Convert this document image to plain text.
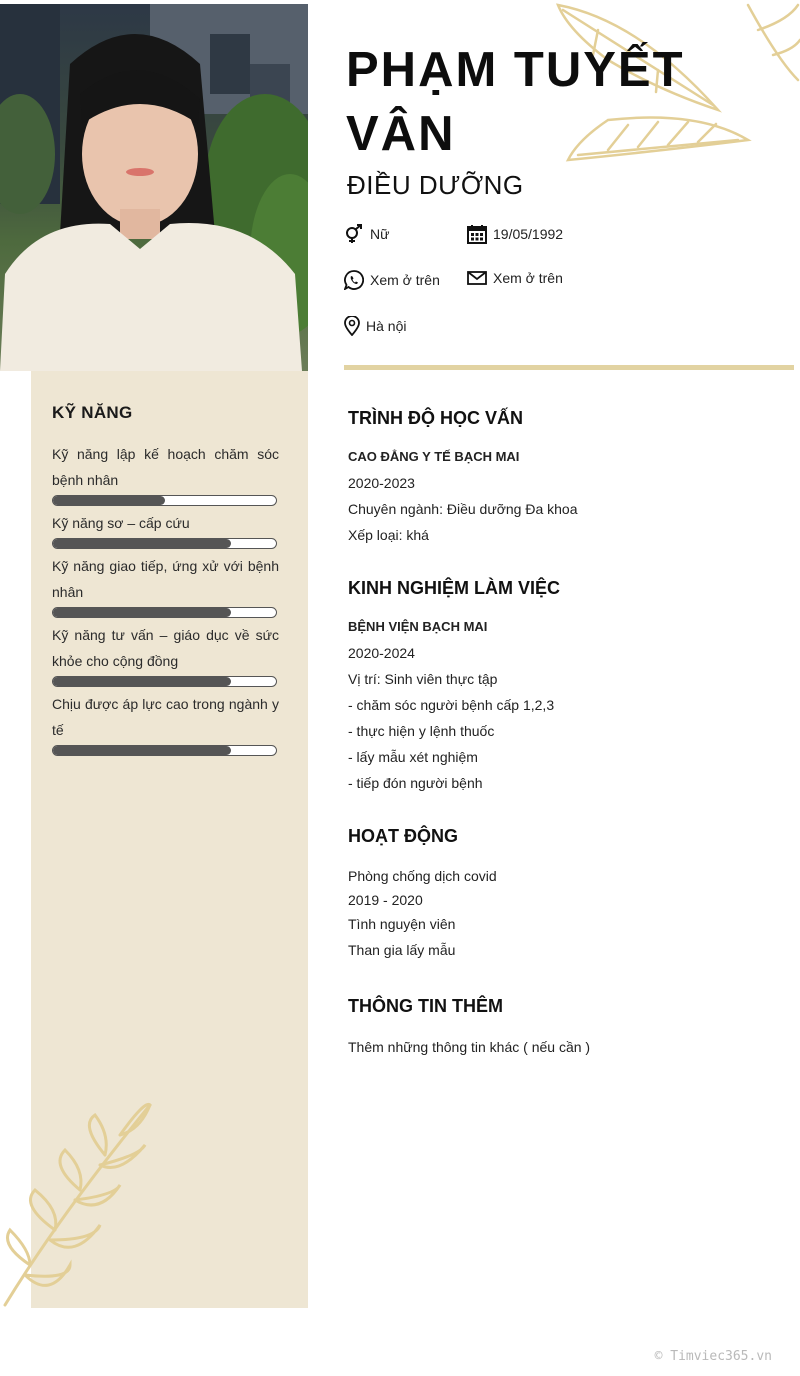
KỸ NĂNG
Kỹ năng lập kế hoạch chăm sóc bệnh nhân
Kỹ năng sơ – cấp cứu
Kỹ năng giao tiếp, ứng xử với bệnh nhân
Kỹ năng tư vấn – giáo dục về sức khỏe cho cộng đồng
Chịu được áp lực cao trong ngành y tế
PHẠM TUYẾT VÂN
ĐIỀU DƯỠNG
Nữ	19/05/1992
Xem ở trên	Xem ở trên
Hà nội
TRÌNH ĐỘ HỌC VẤN
CAO ĐẲNG Y TẾ BẠCH MAI
2020-2023
Chuyên ngành: Điều dưỡng Đa khoa
Xếp loại: khá
KINH NGHIỆM LÀM VIỆC
BỆNH VIỆN BẠCH MAI
2020-2024
Vị trí: Sinh viên thực tập
- chăm sóc người bệnh cấp 1,2,3
- thực hiện y lệnh thuốc
- lấy mẫu xét nghiệm
- tiếp đón người bệnh
HOẠT ĐỘNG
Phòng chống dịch covid
2019 - 2020
Tình nguyện viên
Than gia lấy mẫu
THÔNG TIN THÊM
Thêm những thông tin khác ( nếu cần )
© Timviec365.vn
